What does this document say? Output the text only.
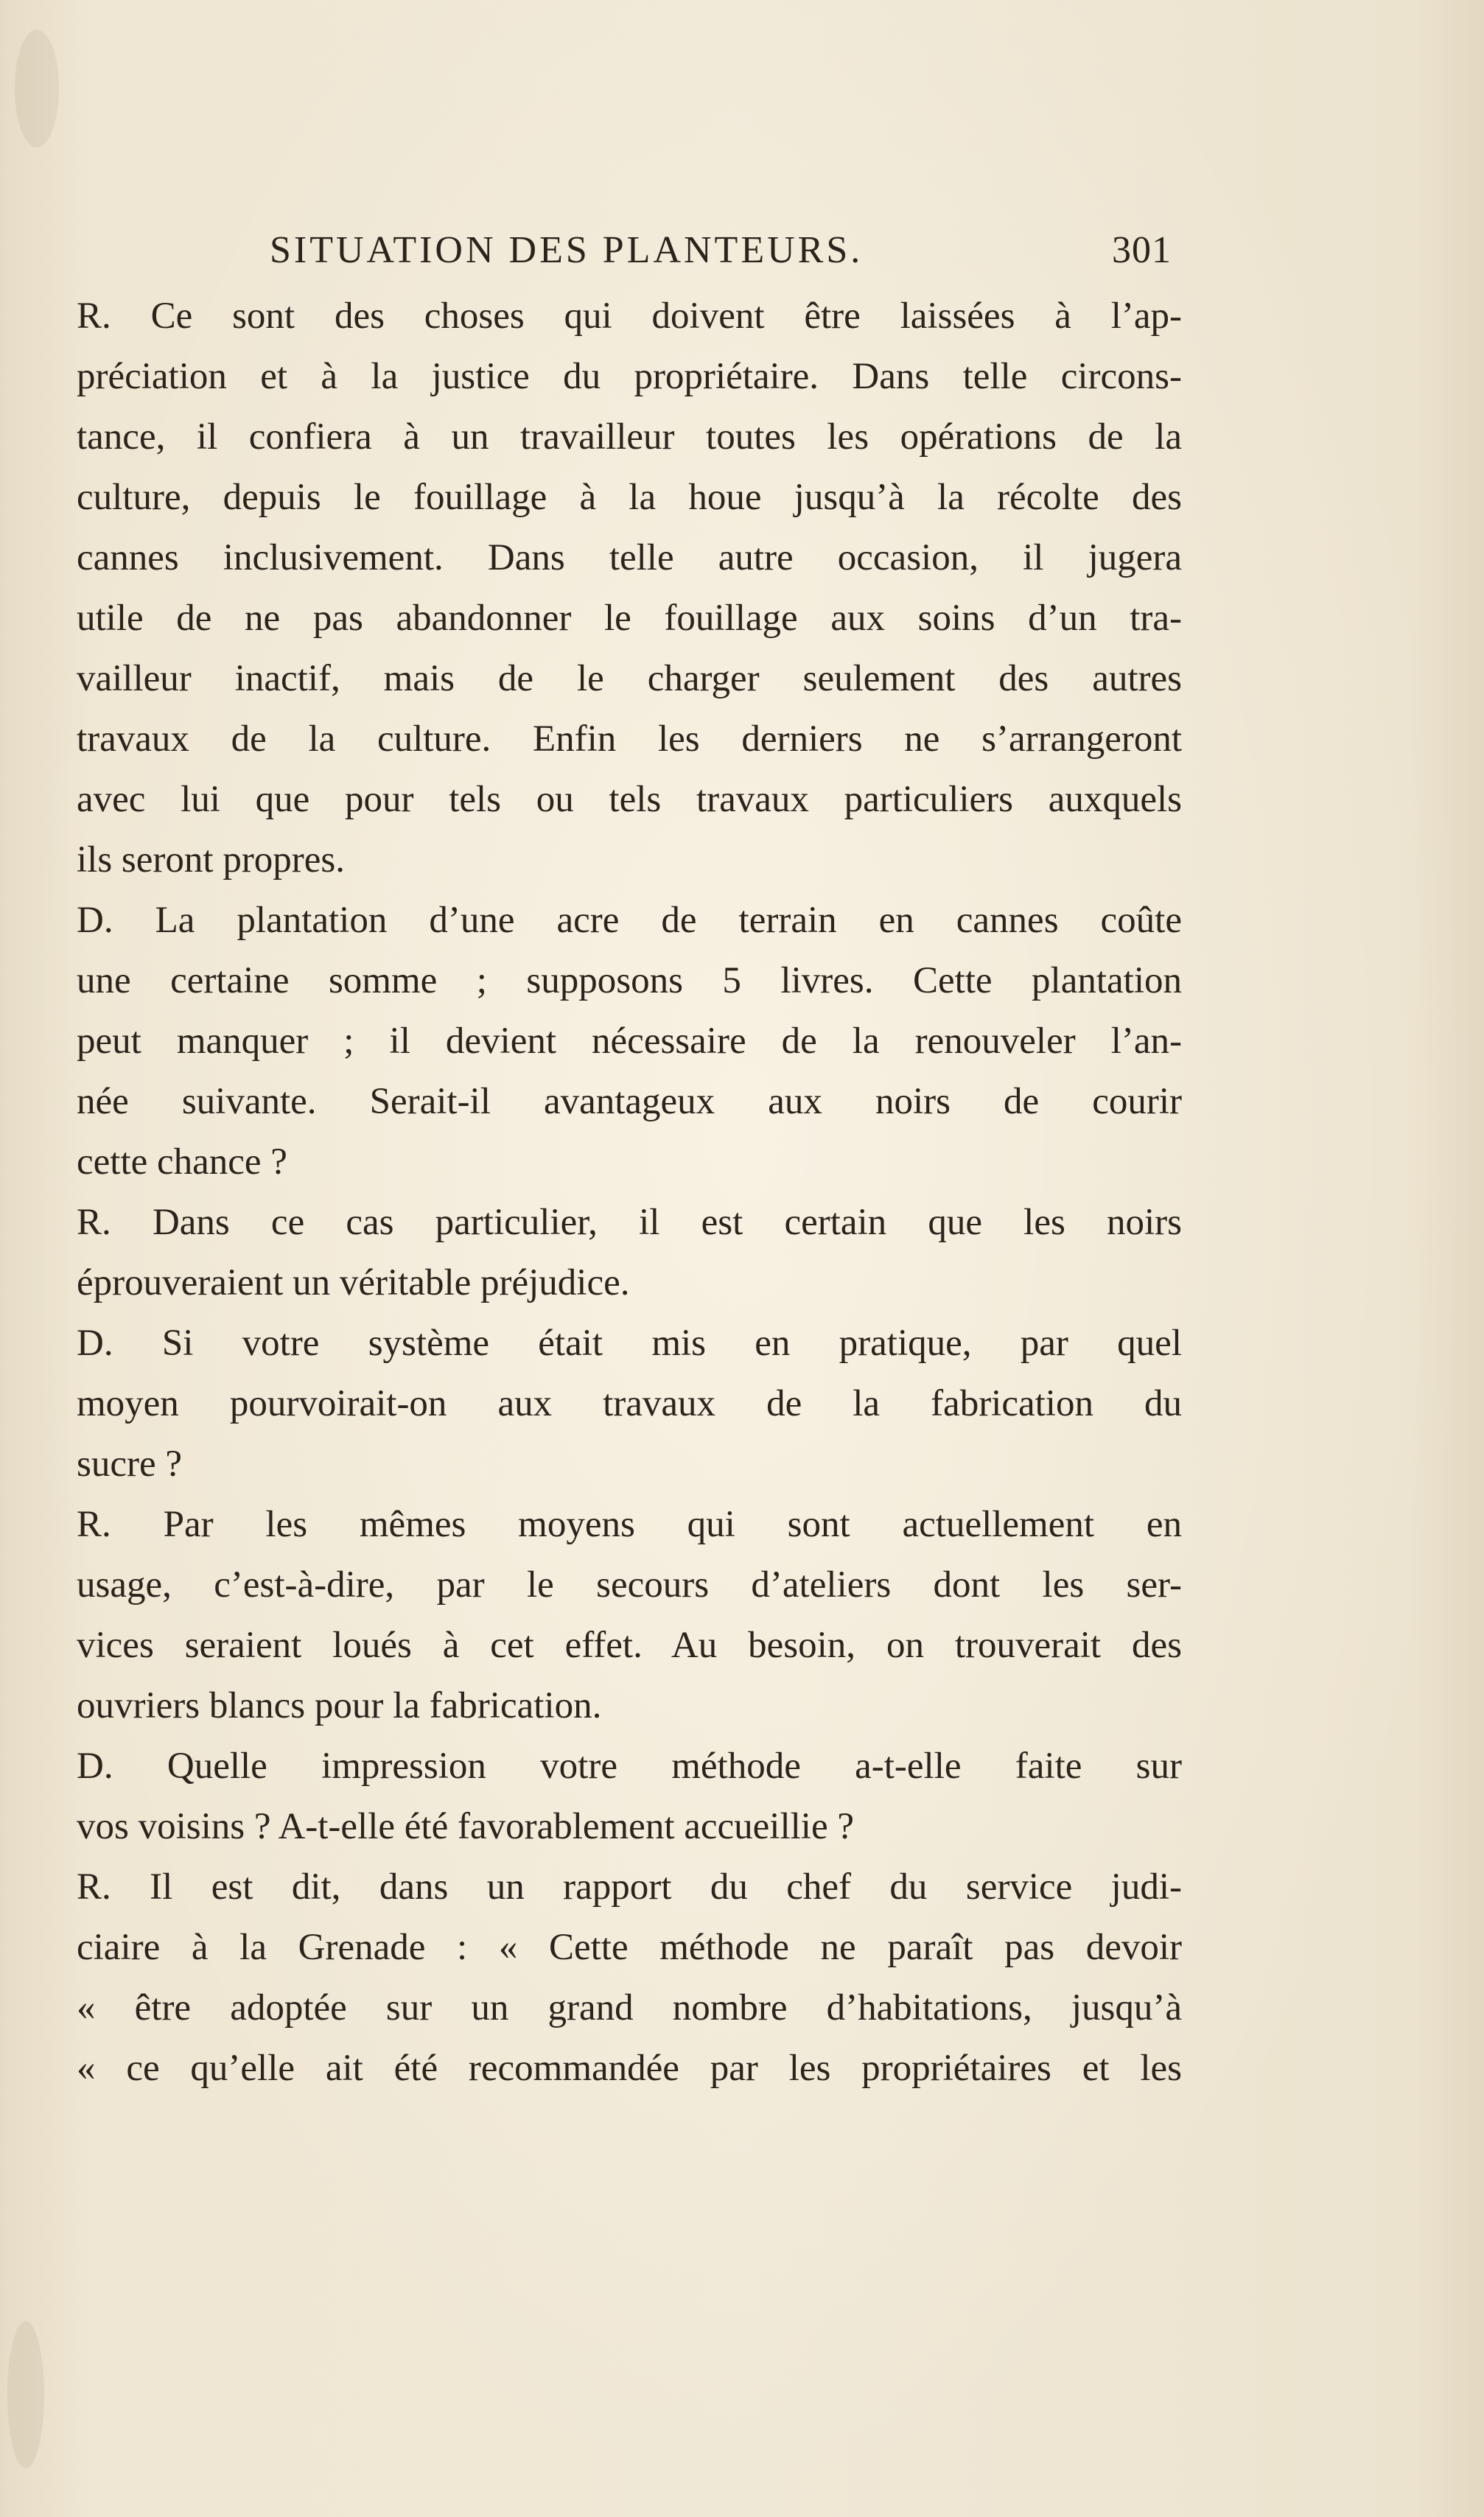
SITUATION DES PLANTEURS.	301
R. Ce sont des choses qui doivent être laissées à l’ap-
préciation et à la justice du propriétaire. Dans telle circons-
tance, il confiera à un travailleur toutes les opérations de la
culture, depuis le fouillage à la houe jusqu’à la récolte des
cannes inclusivement. Dans telle autre occasion, il jugera
utile de ne pas abandonner le fouillage aux soins d’un tra-
vailleur inactif, mais de le charger seulement des autres
travaux de la culture. Enfin les derniers ne s’arrangeront
avec lui que pour tels ou tels travaux particuliers auxquels
ils seront propres.
D. La plantation d’une acre de terrain en cannes coûte
une certaine somme ; supposons 5 livres. Cette plantation
peut manquer ; il devient nécessaire de la renouveler l’an-
née suivante. Serait-il avantageux aux noirs de courir
cette chance ?
R. Dans ce cas particulier, il est certain que les noirs
éprouveraient un véritable préjudice.
D. Si votre système était mis en pratique, par quel
moyen pourvoirait-on aux travaux de la fabrication du
sucre ?
R. Par les mêmes moyens qui sont actuellement en
usage, c’est-à-dire, par le secours d’ateliers dont les ser-
vices seraient loués à cet effet. Au besoin, on trouverait des
ouvriers blancs pour la fabrication.
D. Quelle impression votre méthode a-t-elle faite sur
vos voisins ? A-t-elle été favorablement accueillie ?
R. Il est dit, dans un rapport du chef du service judi-
ciaire à la Grenade : « Cette méthode ne paraît pas devoir
« être adoptée sur un grand nombre d’habitations, jusqu’à
« ce qu’elle ait été recommandée par les propriétaires et les
